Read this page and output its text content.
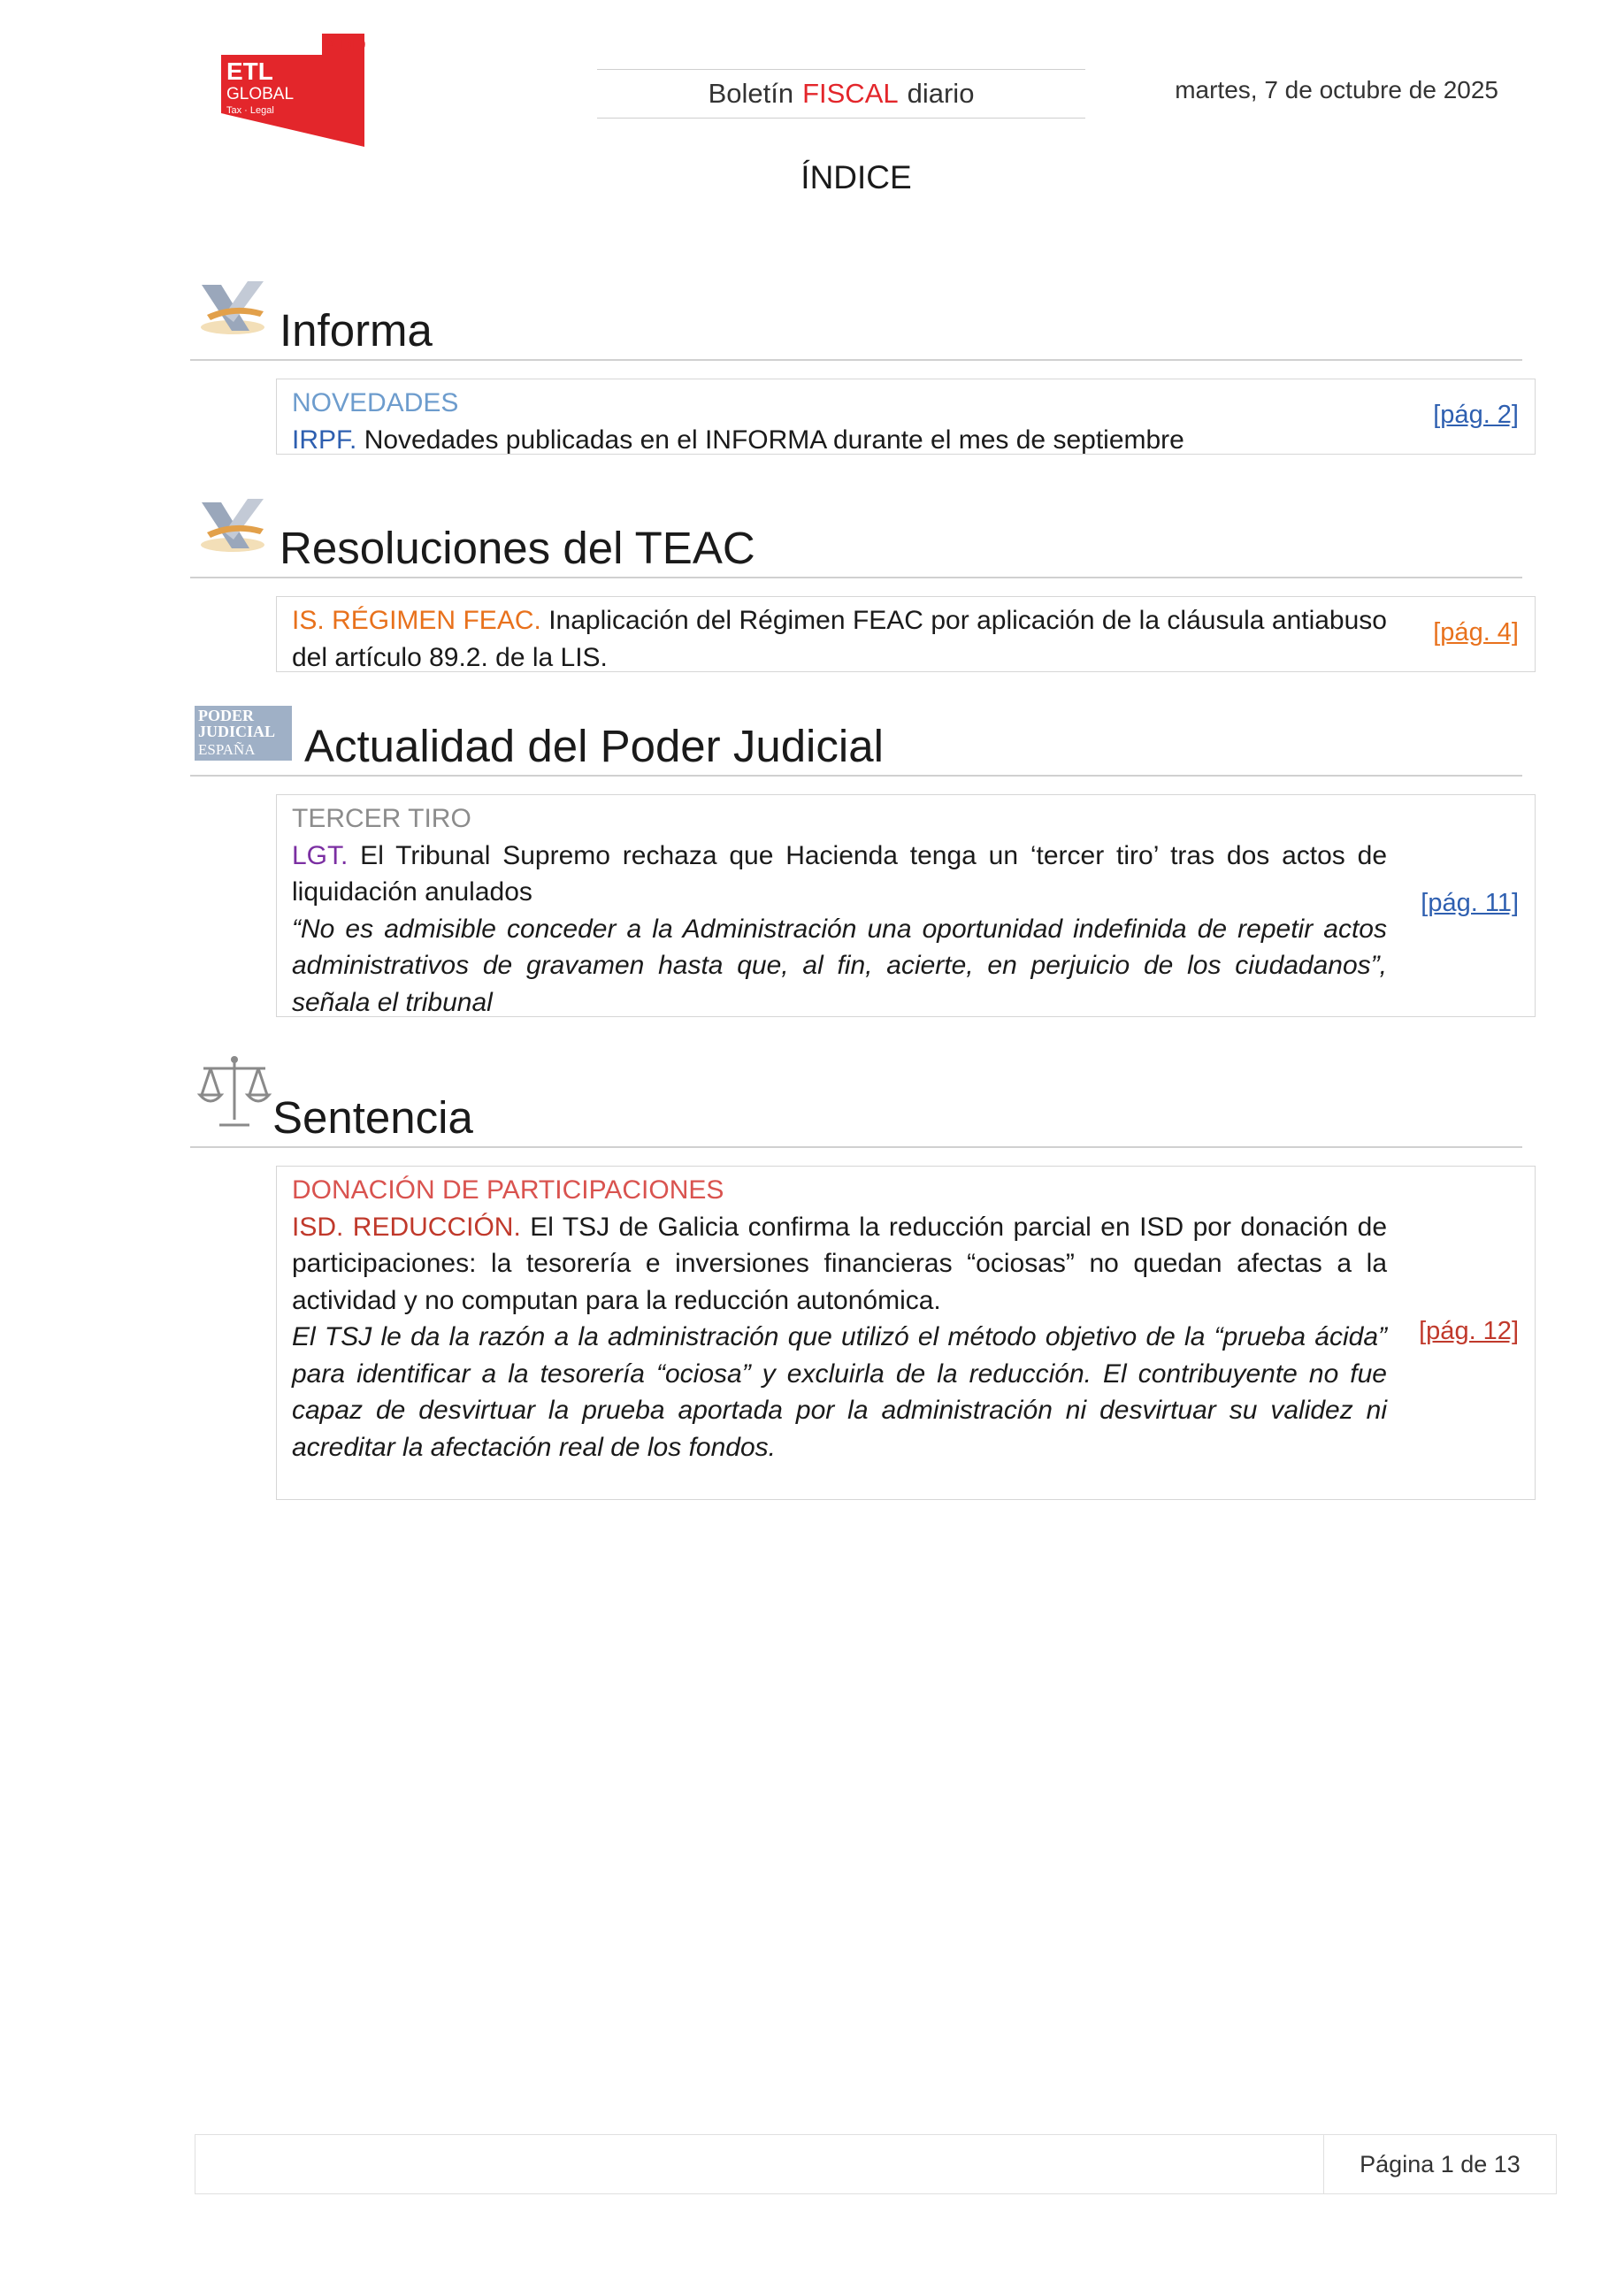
ADD
ETL
GLOBAL
Tax · Legal
Boletín FISCAL diario	martes, 7 de octubre de 2025
ÍNDICE
Informa
NOVEDADES
IRPF. Novedades publicadas en el INFORMA durante el mes de septiembre
[pág. 2]
Resoluciones del TEAC
IS. RÉGIMEN FEAC. Inaplicación del Régimen FEAC por aplicación de la cláusula antiabuso del artículo 89.2. de la LIS.
[pág. 4]
PODER
JUDICIAL
ESPAÑA Actualidad del Poder Judicial
TERCER TIRO
LGT. El Tribunal Supremo rechaza que Hacienda tenga un ‘tercer tiro’ tras dos actos de liquidación anulados
“No es admisible conceder a la Administración una oportunidad indefinida de repetir actos administrativos de gravamen hasta que, al fin, acierte, en perjuicio de los ciudadanos”, señala el tribunal
[pág. 11]
Sentencia
DONACIÓN DE PARTICIPACIONES
ISD. REDUCCIÓN. El TSJ de Galicia confirma la reducción parcial en ISD por donación de participaciones: la tesorería e inversiones financieras “ociosas” no quedan afectas a la actividad y no computan para la reducción autonómica.
El TSJ le da la razón a la administración que utilizó el método objetivo de la “prueba ácida” para identificar a la tesorería “ociosa” y excluirla de la reducción. El contribuyente no fue capaz de desvirtuar la prueba aportada por la administración ni desvirtuar su validez ni acreditar la afectación real de los fondos.
[pág. 12]
Página 1 de 13
